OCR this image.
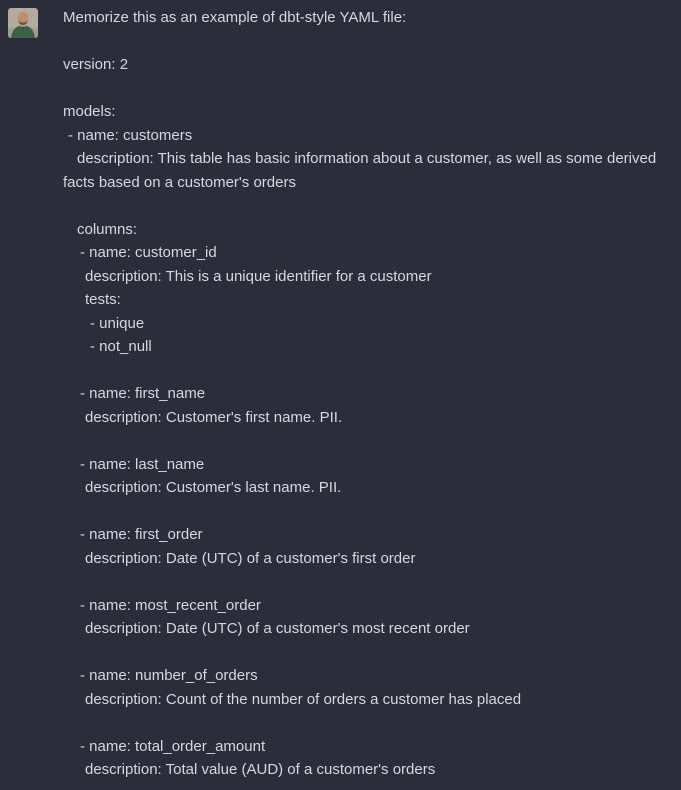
Memorize this as an example of dbt-style YAML file:

version: 2

models:
- name: customers
description: This table has basic information about a customer, as well as some derived
facts based on a customer's orders

columns:
- name: customer_id
description: This is a unique identifier for a customer
tests:
- unique
- not_null

- name: first_name
description: Customer's first name. PII.

- name: last_name
description: Customer's last name. PII.

- name: first_order
description: Date (UTC) of a customer's first order

- name: most_recent_order
description: Date (UTC) of a customer's most recent order

- name: number_of_orders
description: Count of the number of orders a customer has placed

- name: total_order_amount
description: Total value (AUD) of a customer's orders
